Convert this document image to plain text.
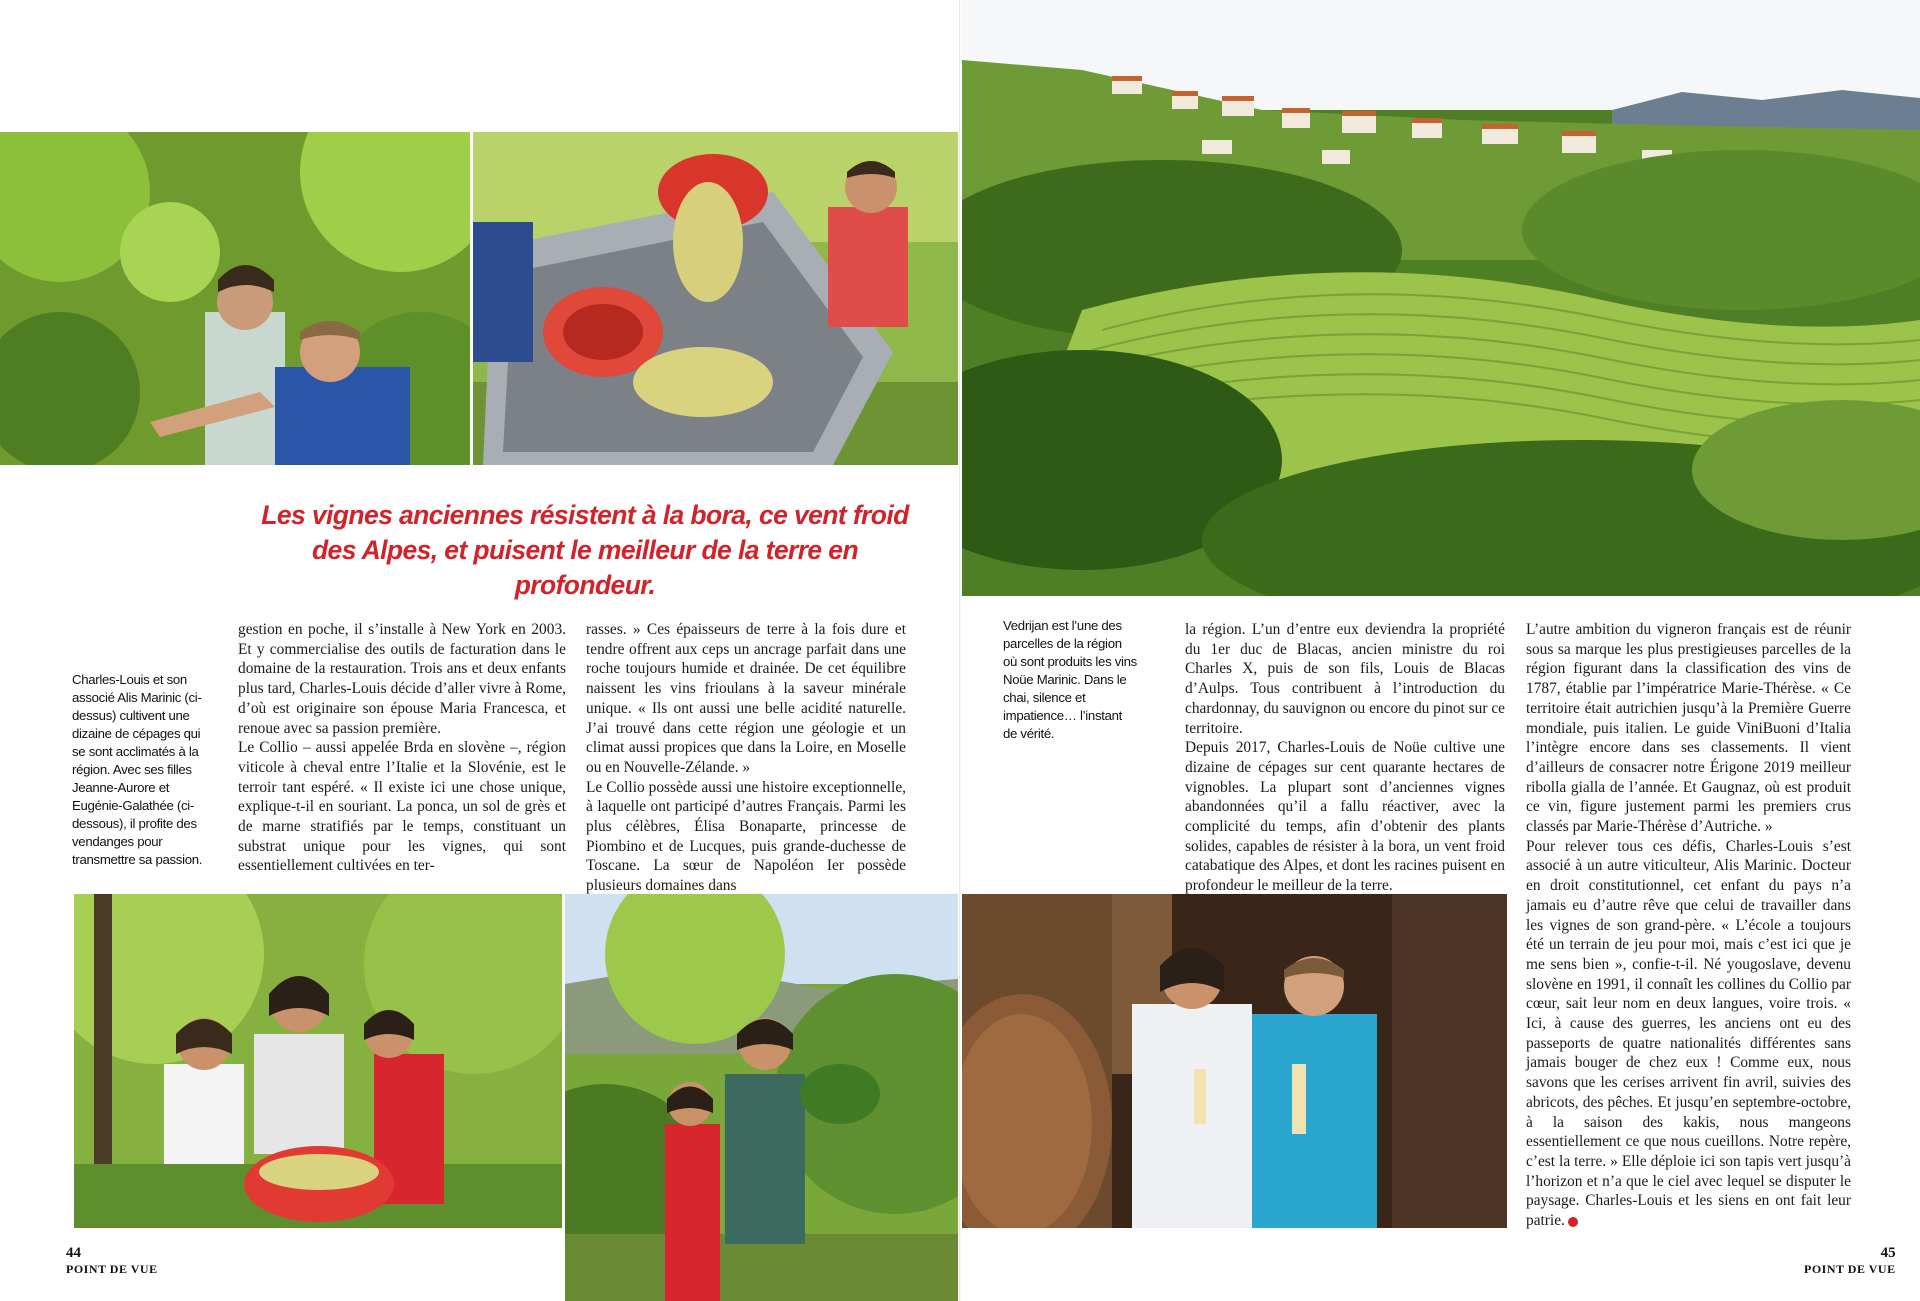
Les vignes anciennes résistent à la bora, ce vent froid des Alpes, et puisent le meilleur de la terre en profondeur.
Charles-Louis et son associé Alis Marinic (ci-dessus) cultivent une dizaine de cépages qui se sont acclimatés à la région. Avec ses filles Jeanne-Aurore et Eugénie-Galathée (ci-dessous), il profite des vendanges pour transmettre sa passion.
Vedrijan est l’une des parcelles de la région où sont produits les vins Noüe Marinic. Dans le chai, silence et impatience… l’instant de vérité.

gestion en poche, il s’installe à New York en 2003. Et y commercialise des outils de facturation dans le domaine de la restauration. Trois ans et deux enfants plus tard, Charles-Louis décide d’aller vivre à Rome, d’où est originaire son épouse Maria Francesca, et renoue avec sa passion première.

Le Collio – aussi appelée Brda en slovène –, région viticole à cheval entre l’Italie et la Slovénie, est le terroir tant espéré. « Il existe ici une chose unique, explique-t-il en souriant. La ponca, un sol de grès et de marne stratifiés par le temps, constituant un substrat unique pour les vignes, qui sont essentiellement cultivées en ter-

rasses. » Ces épaisseurs de terre à la fois dure et tendre offrent aux ceps un ancrage parfait dans une roche toujours humide et drainée. De cet équilibre naissent les vins frioulans à la saveur minérale unique. « Ils ont aussi une belle acidité naturelle. J’ai trouvé dans cette région une géologie et un climat aussi propices que dans la Loire, en Moselle ou en Nouvelle-Zélande. »

Le Collio possède aussi une histoire exceptionnelle, à laquelle ont participé d’autres Français. Parmi les plus célèbres, Élisa Bonaparte, princesse de Piombino et de Lucques, puis grande-duchesse de Toscane. La sœur de Napoléon Ier possède plusieurs domaines dans

la région. L’un d’entre eux deviendra la propriété du 1er duc de Blacas, ancien ministre du roi Charles X, puis de son fils, Louis de Blacas d’Aulps. Tous contribuent à l’introduction du chardonnay, du sauvignon ou encore du pinot sur ce territoire.

Depuis 2017, Charles-Louis de Noüe cultive une dizaine de cépages sur cent quarante hectares de vignobles. La plupart sont d’anciennes vignes abandonnées qu’il a fallu réactiver, avec la complicité du temps, afin d’obtenir des plants solides, capables de résister à la bora, un vent froid catabatique des Alpes, et dont les racines puisent en profondeur le meilleur de la terre.

L’autre ambition du vigneron français est de réunir sous sa marque les plus prestigieuses parcelles de la région figurant dans la classification des vins de 1787, établie par l’impératrice Marie-Thérèse. « Ce territoire était autrichien jusqu’à la Première Guerre mondiale, puis italien. Le guide ViniBuoni d’Italia l’intègre encore dans ses classements. Il vient d’ailleurs de consacrer notre Érigone 2019 meilleur ribolla gialla de l’année. Et Gaugnaz, où est produit ce vin, figure justement parmi les premiers crus classés par Marie-Thérèse d’Autriche. »

Pour relever tous ces défis, Charles-Louis s’est associé à un autre viticulteur, Alis Marinic. Docteur en droit constitutionnel, cet enfant du pays n’a jamais eu d’autre rêve que celui de travailler dans les vignes de son grand-père. « L’école a toujours été un terrain de jeu pour moi, mais c’est ici que je me sens bien », confie-t-il. Né yougoslave, devenu slovène en 1991, il connaît les collines du Collio par cœur, sait leur nom en deux langues, voire trois. « Ici, à cause des guerres, les anciens ont eu des passeports de quatre nationalités différentes sans jamais bouger de chez eux ! Comme eux, nous savons que les cerises arrivent fin avril, suivies des abricots, des pêches. Et jusqu’en septembre-octobre, à la saison des kakis, nous mangeons essentiellement ce que nous cueillons. Notre repère, c’est la terre. » Elle déploie ici son tapis vert jusqu’à l’horizon et n’a que le ciel avec lequel se disputer le paysage. Charles-Louis et les siens en ont fait leur patrie.

44
POINT DE VUE
45
POINT DE VUE
